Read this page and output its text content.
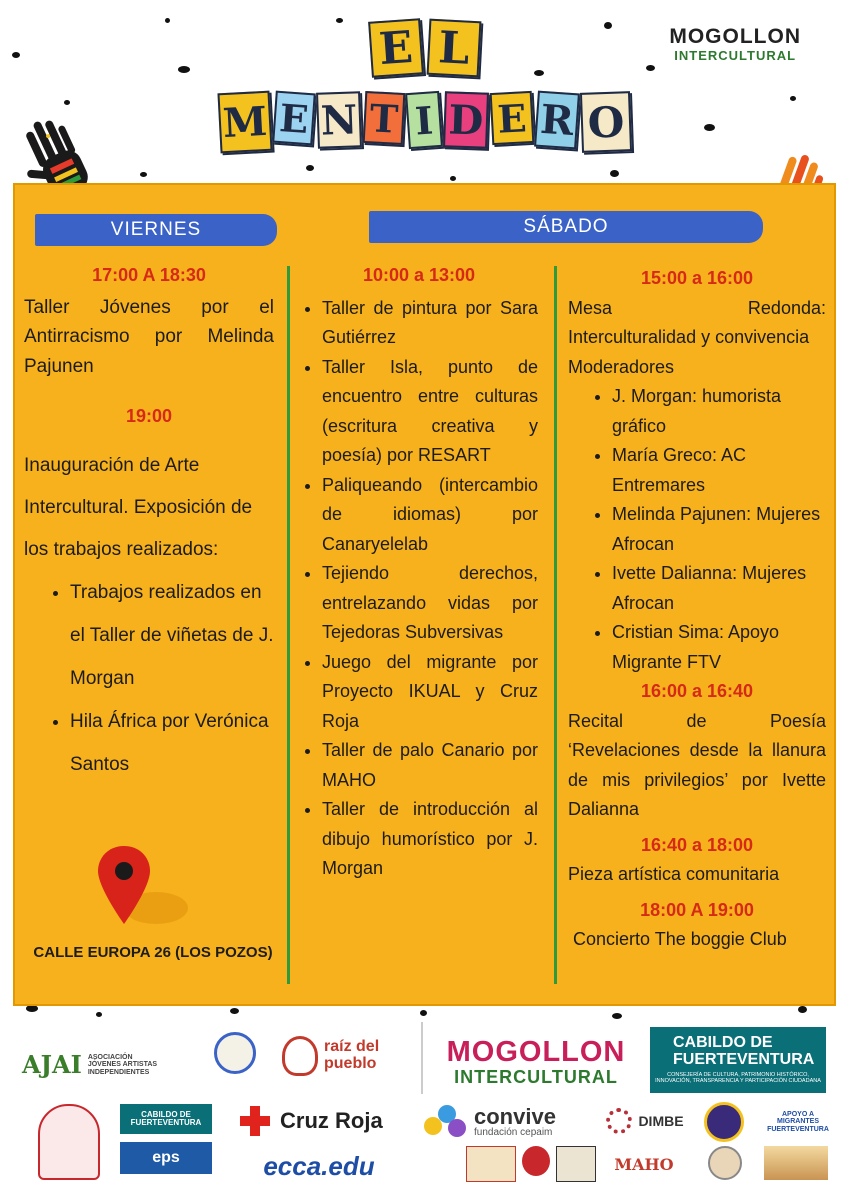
E L
M E N T I D E R O
MOGOLLON
INTERCULTURAL
VIERNES	SÁBADO
17:00 A 18:30
Taller Jóvenes por el Antirracismo por Melinda Pajunen
19:00
Inauguración de Arte Intercultural. Exposición de los trabajos realizados:
• Trabajos realizados en el Taller de viñetas de J. Morgan
• Hila África por Verónica Santos
CALLE EUROPA 26 (LOS POZOS)
10:00 a 13:00
• Taller de pintura por Sara Gutiérrez
• Taller Isla, punto de encuentro entre culturas (escritura creativa y poesía) por RESART
• Paliqueando (intercambio de idiomas) por Canaryelelab
• Tejiendo derechos, entrelazando vidas por Tejedoras Subversivas
• Juego del migrante por Proyecto IKUAL y Cruz Roja
• Taller de palo Canario por MAHO
• Taller de introducción al dibujo humorístico por J. Morgan
15:00 a 16:00
Mesa Redonda: Interculturalidad y convivencia
Moderadores
• J. Morgan: humorista gráfico
• María Greco: AC Entremares
• Melinda Pajunen: Mujeres Afrocan
• Ivette Dalianna: Mujeres Afrocan
• Cristian Sima: Apoyo Migrante FTV
16:00 a 16:40
Recital de Poesía ‘Revelaciones desde la llanura de mis privilegios’ por Ivette Dalianna
16:40 a 18:00
Pieza artística comunitaria
18:00 A 19:00
Concierto The boggie Club
AJAI ASOCIACIÓN JÓVENES ARTISTAS INDEPENDIENTES
raíz del pueblo	MOGOLLON
INTERCULTURAL
CABILDO DE FUERTEVENTURA
CONSEJERÍA DE CULTURA, PATRIMONIO HISTÓRICO, INNOVACIÓN, TRANSPARENCIA Y PARTICIPACIÓN CIUDADANA
CABILDO DE FUERTEVENTURA
eps
Cruz Roja
ecca.edu
convive
fundación cepaim
DIMBE
MAHO
APOYO A MIGRANTES FUERTEVENTURA
